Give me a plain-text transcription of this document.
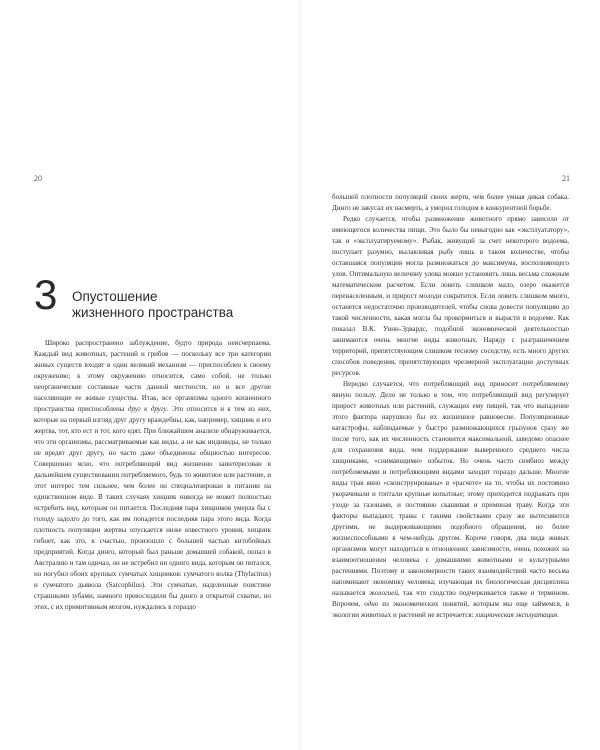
20
3 Опустошение
жизненного пространства

Широко распространено заблуждение, будто природа неисчерпаема. Каждый вид животных, растений и грибов — поскольку все три категории живых существ входят в один великий механизм — приспособлен к своему окружению; к этому окружению относится, само собой, не только неорганические составные части данной местности, но и все другие населяющие ее живые существа. Итак, все организмы одного жизненного пространства приспособлены друг к другу. Это относится и к тем из них, которые на первый взгляд друг другу враждебны, как, например, хищник и его жертва, тот, кто ест и тот, кого едят. При ближайшем анализе обнаруживается, что эти организмы, рассматриваемые как виды, а не как индивиды, не только не вредят друг другу, но часто даже объединены общностью интересов. Совершенно ясно, что потребляющий вид жизненно заинтересован в дальнейшем существовании потребляемого, будь то животное или растение, и этот интерес тем сильнее, чем более он специализирован в питании на единственном виде. В таких случаях хищник никогда не может полностью истребить вид, которым он питается. Последняя пара хищников умерла бы с голоду задолго до того, как им попадется последняя пара этого вида. Когда плотность популяции жертвы опускается ниже известного уровня, хищник гибнет, как это, к счастью, произошло с большей частью китобойных предприятий. Когда динго, который был раньше домашней собакой, попал в Австралию и там одичал, он не истребил ни одного вида, которым он питался, но погубил обоих крупных сумчатых хищников: сумчатого волка (Thylacinus) и сумчатого дьявола (Sarcophilus). Эти сумчатые, наделенные поистине страшными зубами, намного превосходили бы динго в открытой схватке, но этих, с их примитивным мозгом, нуждались в гораздо

21

большей плотности популяций своих жертв, чем более умная дикая собака. Динго не закусал их насмерть, а уморил голодом в конкурентной борьбе.

Редко случается, чтобы размножение животного прямо зависело от имеющегося количества пищи. Это было бы невыгодно как «эксплуататору», так и «эксплуатируемому». Рыбак, живущий за счет некоторого водоема, поступает разумно, вылавливая рыбу лишь в таком количестве, чтобы оставшаяся популяция могла размножаться до максимума, восполняющего улов. Оптимальную величину улова можно установить лишь весьма сложным математическим расчетом. Если ловить слишком мало, озеро окажется перенаселенным, и прирост молоди сократится. Если ловить слишком много, останется недостаточно производителей, чтобы снова довести популяцию до такой численности, какая могла бы прокормиться и вырасти в водоеме. Как показал В.К. Уинн-Эдвардс, подобной экономической деятельностью занимаются очень многие виды животных. Наряду с разграничением территорий, препятствующим слишком тесному соседству, есть много других способов поведения, препятствующих чрезмерной эксплуатации доступных ресурсов.

Нередко случается, что потребляющий вид приносит потребляемому явную пользу. Дело не только в том, что потребляющий вид регулирует прирост животных или растений, служащих ему пищей, так что выпадение этого фактора нарушило бы их жизненное равновесие. Популяционные катастрофы, наблюдаемые у быстро размножающихся грызунов сразу же после того, как их численность становится максимальной, заведомо опаснее для сохранения вида, чем поддержание выверенного среднего числа хищниками, «снимающими» избыток. Но очень часто симбиоз между потребляемыми и потребляющими видами заходит гораздо дальше. Многие виды трав явно «сконструированы» в «расчете» на то, чтобы их постоянно укорачивали и топтали крупные копытные; этому приходится подражать при уходе за газонами, и постоянно скашивая и приминая траву. Когда эти факторы выпадают, травы с такими свойствами сразу же вытесняются другими, не выдерживающими подобного обращения, но более жизнеспособными в чем-нибудь другом. Короче говоря, два вида живых организмов могут находиться в отношениях зависимости, очень похожих на взаимоотношения человека с домашними животными и культурными растениями. Поэтому и закономерности таких взаимодействий часто весьма напоминают экономику человека; изучающая их биологическая дисциплина называется экологией, так что сходство подчеркивается также и термином. Впрочем, одно из экономических понятий, которым мы еще займемся, в экологии животных и растений не встречается: хищническая эксплуатация.
